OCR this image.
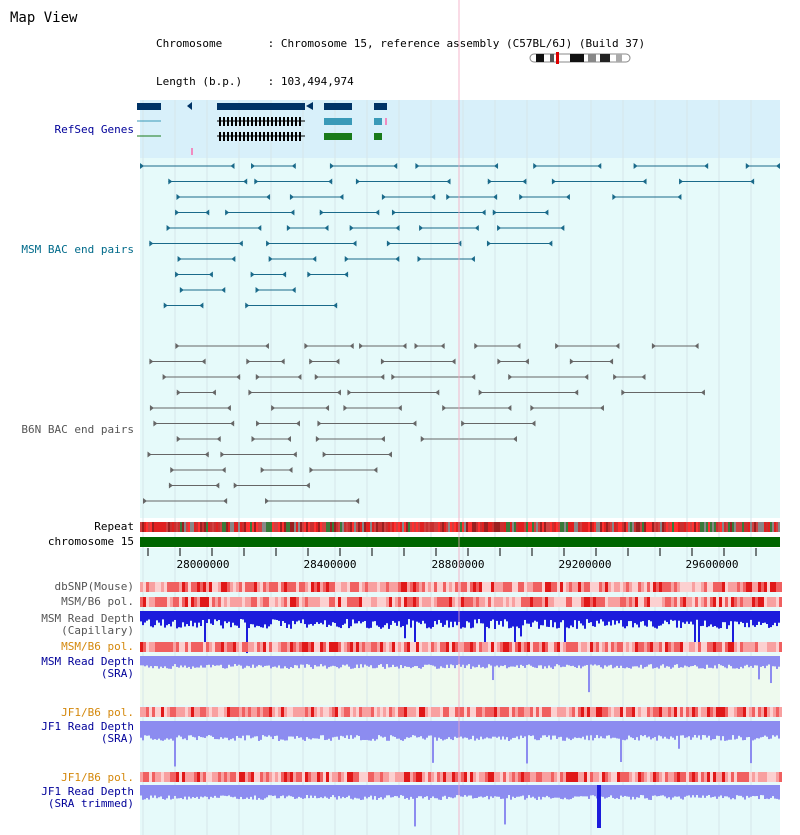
Map View

Chromosome	: Chromosome 15, reference assembly (C57BL/6J) (Build 37)

Length (b.p.) : 103,494,974

RefSeq Genes
MSM BAC end pairs
B6N BAC end pairs
Repeat
chromosome 15
dbSNP(Mouse)
MSM/B6 pol.
MSM Read Depth
(Capillary)
MSM/B6 pol.
MSM Read Depth
(SRA)
JF1/B6 pol.
JF1 Read Depth
(SRA)
JF1/B6 pol.
JF1 Read Depth
(SRA trimmed)
28000000	28400000	28800000	29200000	29600000
